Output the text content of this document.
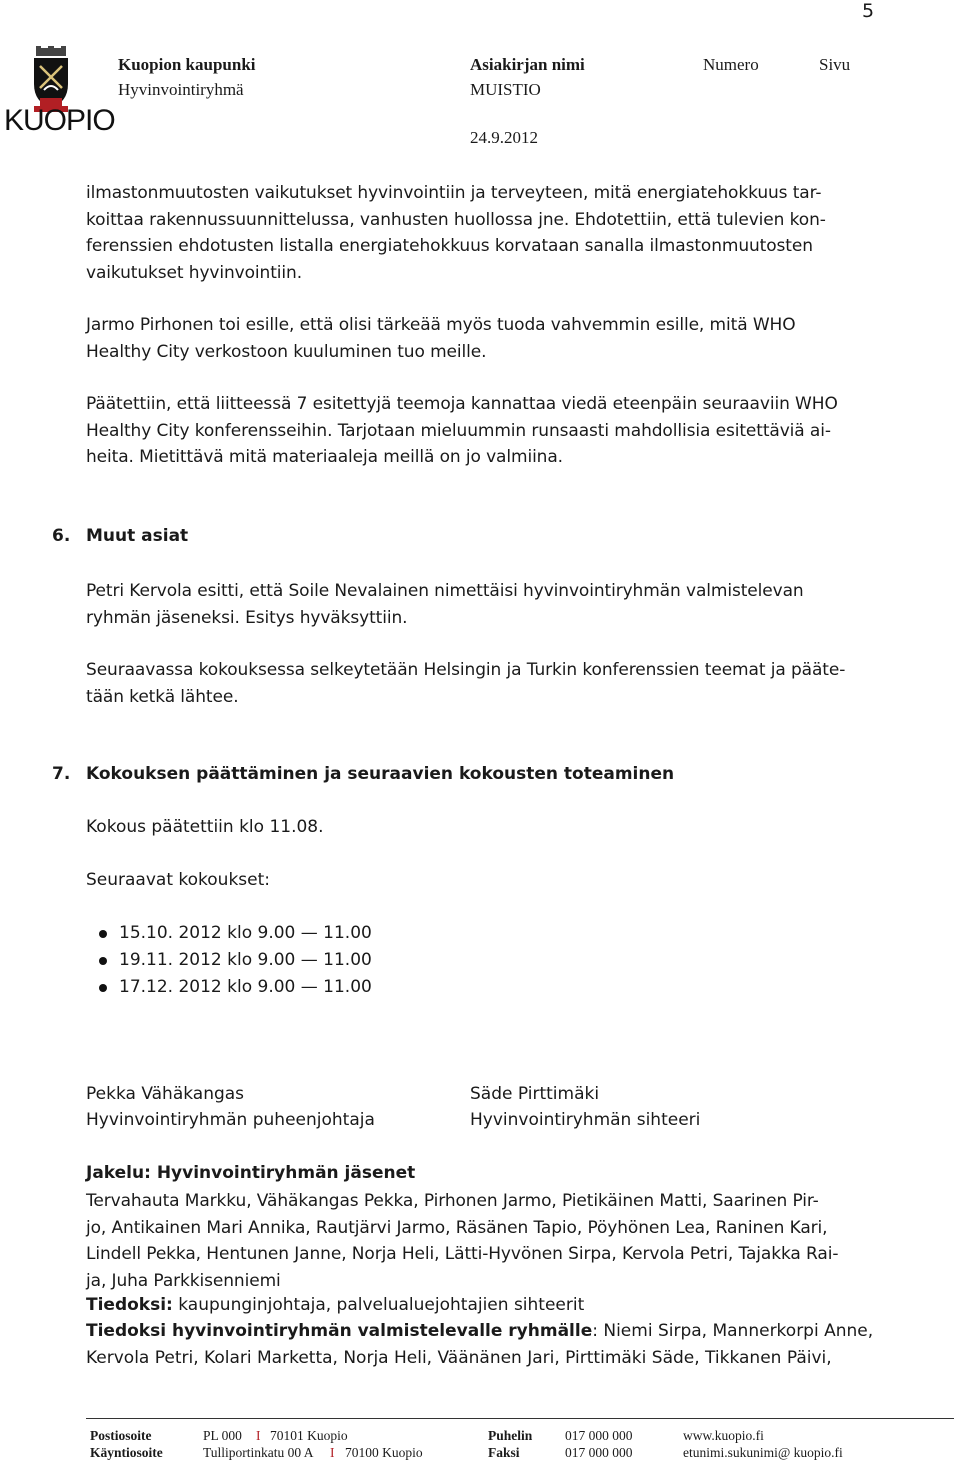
5
KUOPIO
Kuopion kaupunki
Hyvinvointiryhmä
Asiakirjan nimi
MUISTIO
24.9.2012
Numero	Sivu
ilmastonmuutosten vaikutukset hyvinvointiin ja terveyteen, mitä energiatehokkuus tar-
koittaa rakennussuunnittelussa, vanhusten huollossa jne. Ehdotettiin, että tulevien kon-
ferenssien ehdotusten listalla energiatehokkuus korvataan sanalla ilmastonmuutosten
vaikutukset hyvinvointiin.
Jarmo Pirhonen toi esille, että olisi tärkeää myös tuoda vahvemmin esille, mitä WHO
Healthy City verkostoon kuuluminen tuo meille.
Päätettiin, että liitteessä 7 esitettyjä teemoja kannattaa viedä eteenpäin seuraaviin WHO
Healthy City konferensseihin. Tarjotaan mieluummin runsaasti mahdollisia esitettäviä ai-
heita. Mietittävä mitä materiaaleja meillä on jo valmiina.
6. Muut asiat
Petri Kervola esitti, että Soile Nevalainen nimettäisi hyvinvointiryhmän valmistelevan
ryhmän jäseneksi. Esitys hyväksyttiin.
Seuraavassa kokouksessa selkeytetään Helsingin ja Turkin konferenssien teemat ja pääte-
tään ketkä lähtee.
7. Kokouksen päättäminen ja seuraavien kokousten toteaminen
Kokous päätettiin klo 11.08.
Seuraavat kokoukset:
15.10. 2012 klo 9.00 — 11.00
19.11. 2012 klo 9.00 — 11.00
17.12. 2012 klo 9.00 — 11.00
Pekka Vähäkangas
Hyvinvointiryhmän puheenjohtaja
Säde Pirttimäki
Hyvinvointiryhmän sihteeri
Jakelu: Hyvinvointiryhmän jäsenet
Tervahauta Markku, Vähäkangas Pekka, Pirhonen Jarmo, Pietikäinen Matti, Saarinen Pir-
jo, Antikainen Mari Annika, Rautjärvi Jarmo, Räsänen Tapio, Pöyhönen Lea, Raninen Kari,
Lindell Pekka, Hentunen Janne, Norja Heli, Lätti-Hyvönen Sirpa, Kervola Petri, Tajakka Rai-
ja, Juha Parkkisenniemi
Tiedoksi: kaupunginjohtaja, palvelualuejohtajien sihteerit
Tiedoksi hyvinvointiryhmän valmistelevalle ryhmälle: Niemi Sirpa, Mannerkorpi Anne,
Kervola Petri, Kolari Marketta, Norja Heli, Väänänen Jari, Pirttimäki Säde, Tikkanen Päivi,
Postiosoite	PL 000 I 70101 Kuopio	Puhelin 017 000 000	www.kuopio.fi
Käyntiosoite	Tulliportinkatu 00 A I 70100 Kuopio	Faksi	017 000 000	etunimi.sukunimi@ kuopio.fi
